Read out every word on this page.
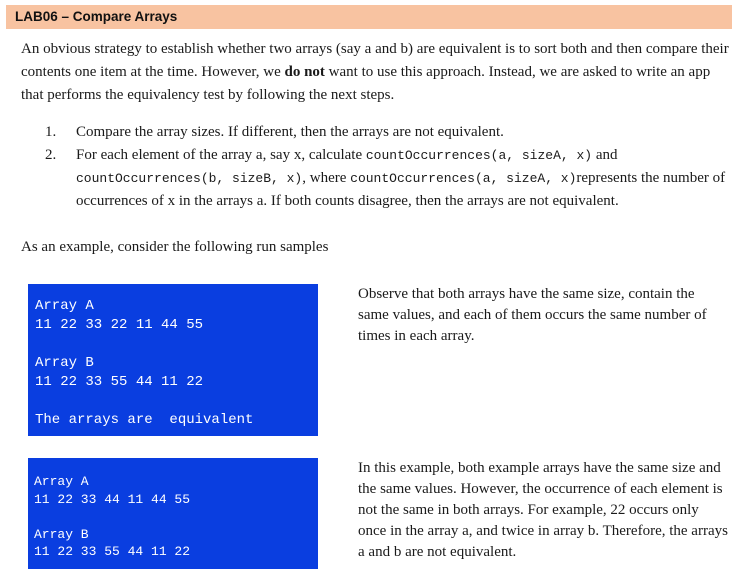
LAB06 – Compare Arrays

An obvious strategy to establish whether two arrays (say a and b) are equivalent is to sort both and then compare their contents one item at the time. However, we do not want to use this approach. Instead, we are asked to write an app that performs the equivalency test by following the next steps.

1. Compare the array sizes. If different, then the arrays are not equivalent.
2. For each element of the array a, say x, calculate countOccurrences(a, sizeA, x) and countOccurrences(b, sizeB, x), where countOccurrences(a, sizeA, x)represents the number of occurrences of x in the arrays a. If both counts disagree, then the arrays are not equivalent.

As an example, consider the following run samples

Array A
11 22 33 22 11 44 55
Array B
11 22 33 55 44 11 22
The arrays are  equivalent

Observe that both arrays have the same size, contain the same values, and each of them occurs the same number of times in each array.

Array A
11 22 33 44 11 44 55
Array B
11 22 33 55 44 11 22

In this example, both example arrays have the same size and the same values. However, the occurrence of each element is not the same in both arrays. For example, 22 occurs only once in the array a, and twice in array b. Therefore, the arrays a and b are not equivalent.
